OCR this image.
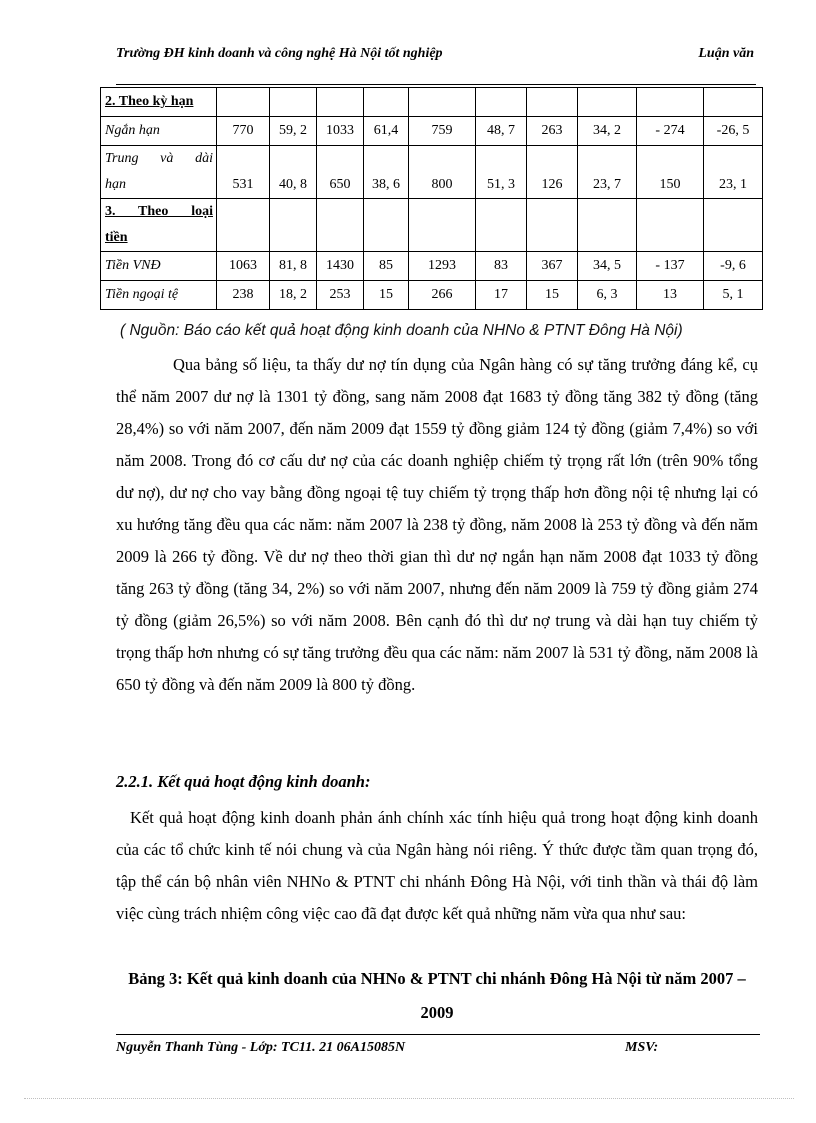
Trường ĐH kinh doanh và công nghệ Hà Nội tốt nghiệp	Luận văn
2. Theo kỳ hạn										
Ngắn hạn	770	59, 2	1033	61,4	759	48, 7	263	34, 2	- 274	-26, 5

Trung và dài
hạn	531	40, 8	650	38, 6	800	51, 3	126	23, 7	150	23, 1

3. Theo loại
tiền										
Tiền VNĐ	1063	81, 8	1430	85	1293	83	367	34, 5	- 137	-9, 6
Tiền ngoại tệ	238	18, 2	253	15	266	17	15	6, 3	13	5, 1
( Nguồn: Báo cáo kết quả hoạt động kinh doanh của NHNo & PTNT Đông Hà Nội)
Qua bảng số liệu, ta thấy dư nợ tín dụng của Ngân hàng có sự tăng trưởng đáng kể, cụ thể năm 2007 dư nợ là 1301 tỷ đồng, sang năm 2008 đạt 1683 tỷ đồng tăng 382 tỷ đồng (tăng 28,4%) so với năm 2007, đến năm 2009 đạt 1559 tỷ đồng giảm 124 tỷ đồng (giảm 7,4%) so với năm 2008. Trong đó cơ cấu dư nợ của các doanh nghiệp chiếm tỷ trọng rất lớn (trên 90% tổng dư nợ), dư nợ cho vay bằng đồng ngoại tệ tuy chiếm tỷ trọng thấp hơn đồng nội tệ nhưng lại có xu hướng tăng đều qua các năm: năm 2007 là 238 tỷ đồng, năm 2008 là 253 tỷ đồng và đến năm 2009 là 266 tỷ đồng. Về dư nợ theo thời gian thì dư nợ ngắn hạn năm 2008 đạt 1033 tỷ đồng tăng 263 tỷ đồng (tăng 34, 2%) so với năm 2007, nhưng đến năm 2009 là 759 tỷ đồng giảm 274 tỷ đồng (giảm 26,5%) so với năm 2008. Bên cạnh đó thì dư nợ trung và dài hạn tuy chiếm tỷ trọng thấp hơn nhưng có sự tăng trưởng đều qua các năm: năm 2007 là 531 tỷ đồng, năm 2008 là 650 tỷ đồng và đến năm 2009 là 800 tỷ đồng.
2.2.1. Kết quả hoạt động kinh doanh:
Kết quả hoạt động kinh doanh phản ánh chính xác tính hiệu quả trong hoạt động kinh doanh của các tổ chức kinh tế nói chung và của Ngân hàng nói riêng. Ý thức được tầm quan trọng đó, tập thể cán bộ nhân viên NHNo & PTNT chi nhánh Đông Hà Nội, với tinh thần và thái độ làm việc cùng trách nhiệm công việc cao đã đạt được kết quả những năm vừa qua như sau:
Bảng 3: Kết quả kinh doanh của NHNo & PTNT chi nhánh Đông Hà Nội từ năm 2007 – 2009
Nguyễn Thanh Tùng - Lớp: TC11. 21 06A15085N	MSV:
